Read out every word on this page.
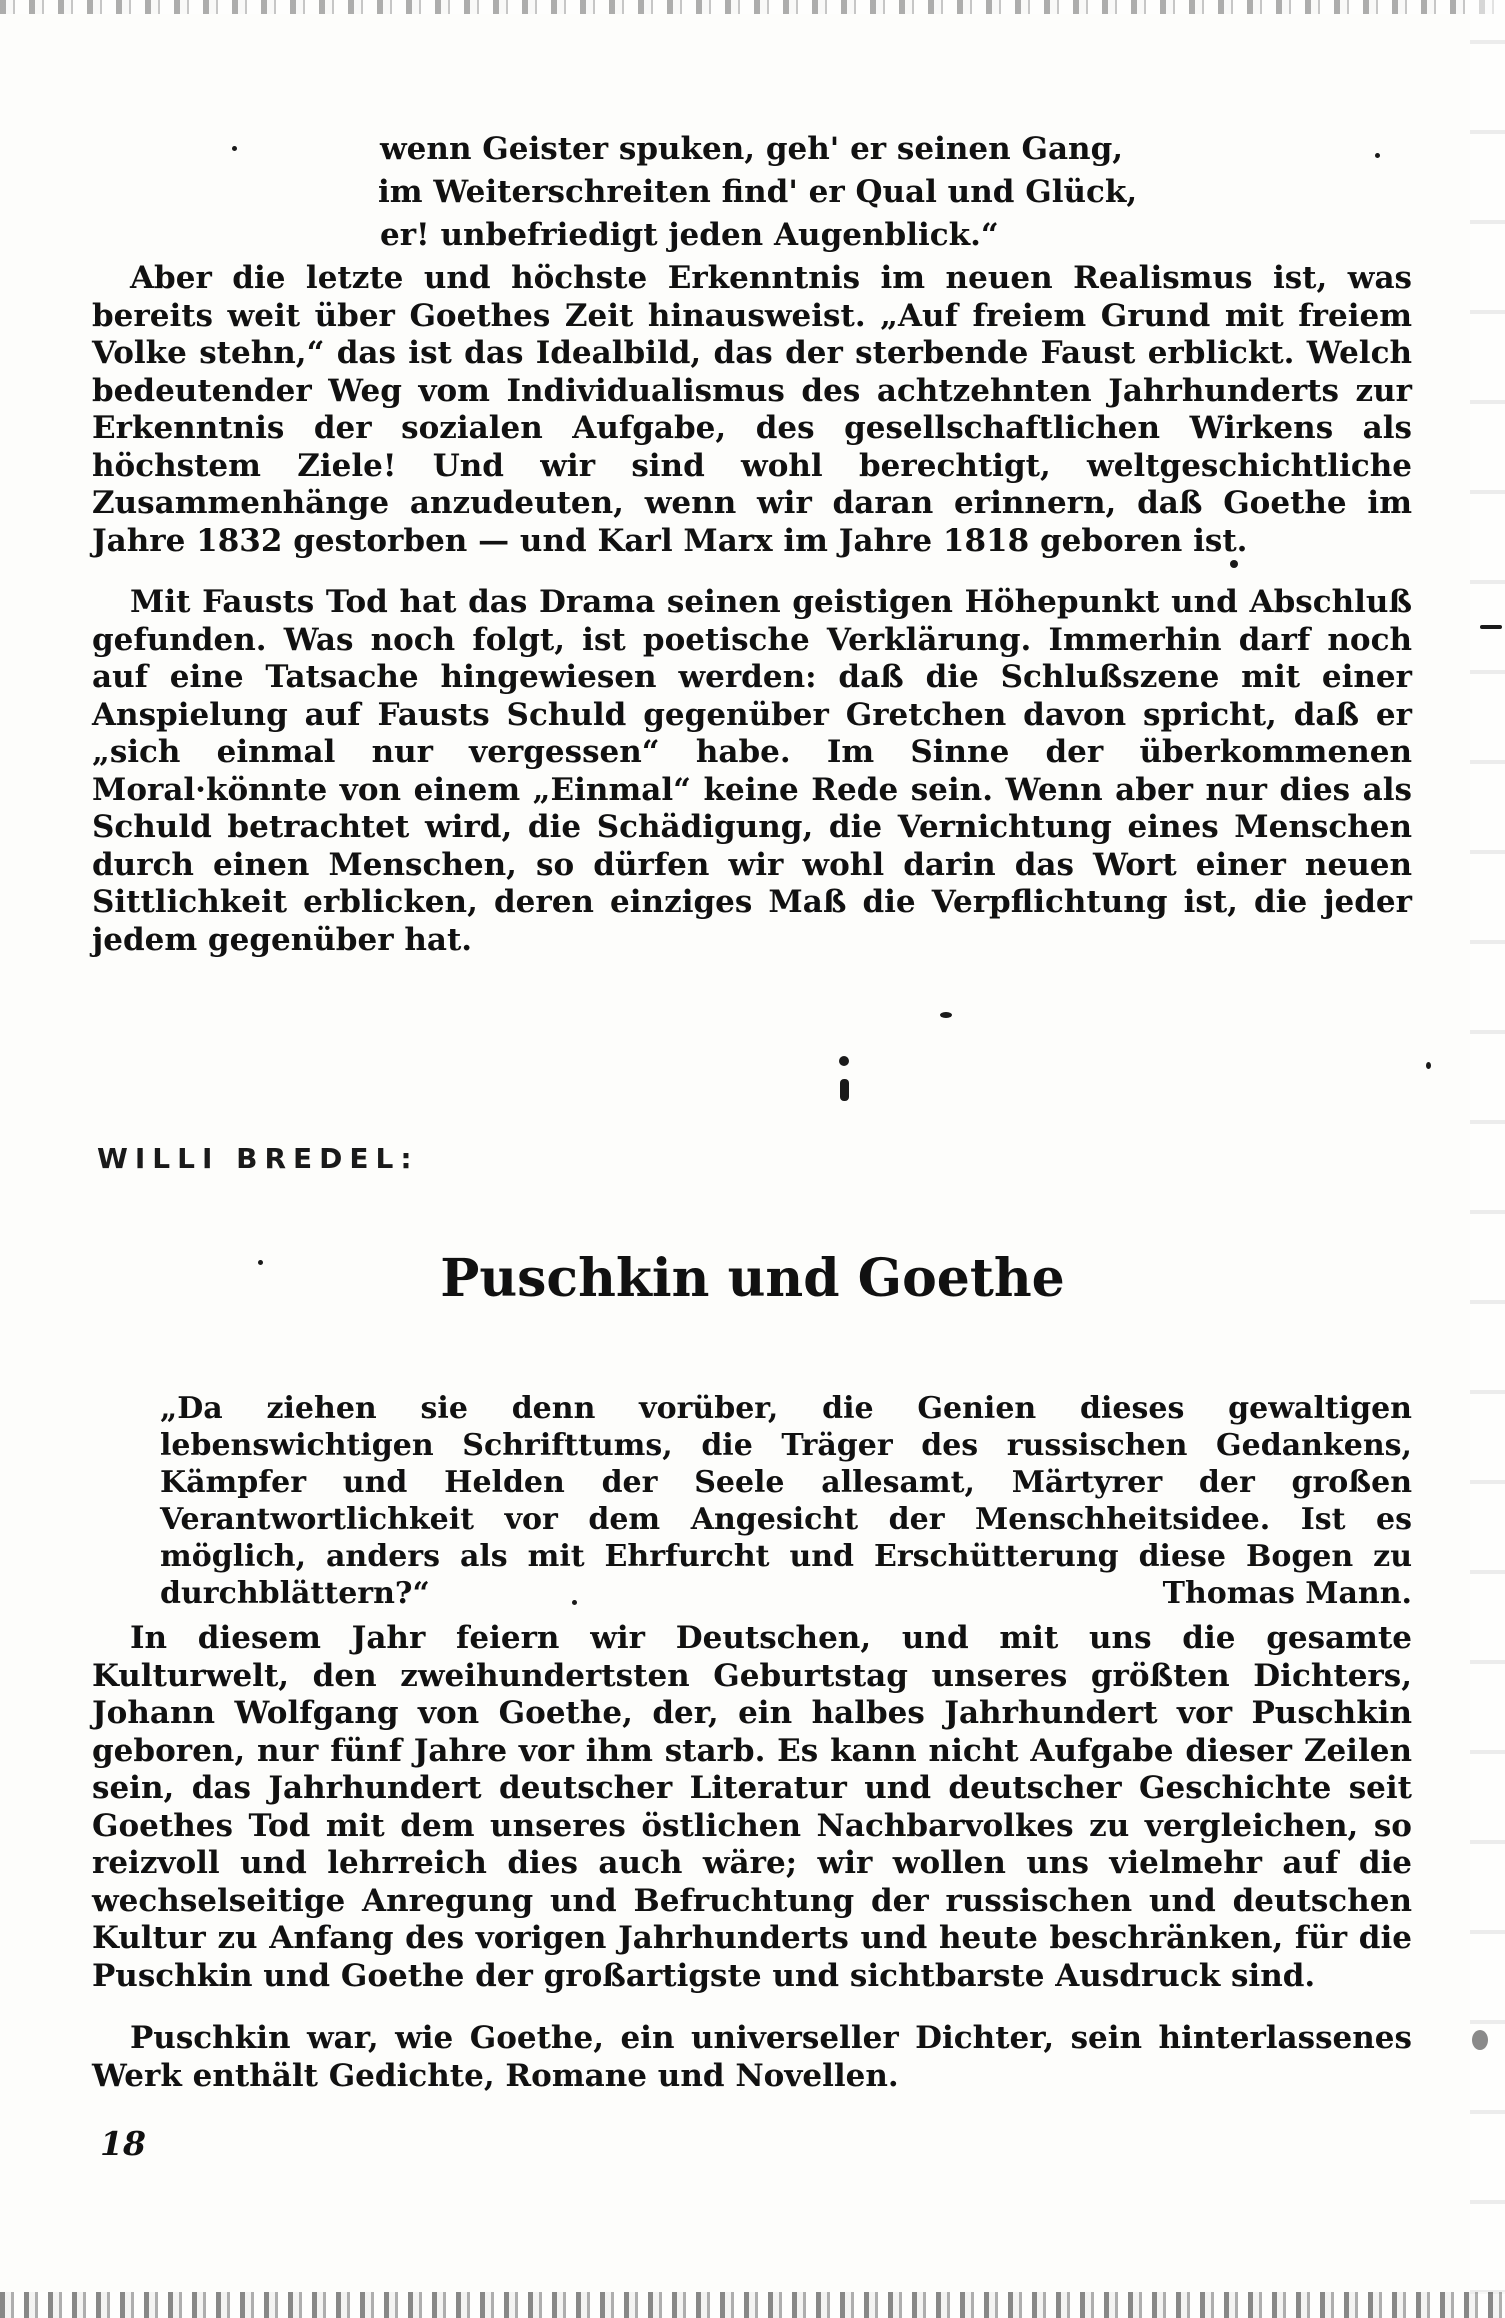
wenn Geister spuken, geh' er seinen Gang,
im Weiterschreiten find' er Qual und Glück,
er! unbefriedigt jeden Augenblick.“

Aber die letzte und höchste Erkenntnis im neuen Realismus ist, was bereits weit über Goethes Zeit hinausweist. „Auf freiem Grund mit freiem Volke stehn,“ das ist das Idealbild, das der sterbende Faust erblickt. Welch bedeutender Weg vom Individualismus des achtzehnten Jahrhunderts zur Erkenntnis der sozialen Aufgabe, des gesellschaftlichen Wirkens als höchstem Ziele! Und wir sind wohl berechtigt, weltgeschichtliche Zusammenhänge anzudeuten, wenn wir daran erinnern, daß Goethe im Jahre 1832 gestorben — und Karl Marx im Jahre 1818 geboren ist.

Mit Fausts Tod hat das Drama seinen geistigen Höhepunkt und Abschluß gefunden. Was noch folgt, ist poetische Verklärung. Immerhin darf noch auf eine Tatsache hingewiesen werden: daß die Schlußszene mit einer Anspielung auf Fausts Schuld gegenüber Gretchen davon spricht, daß er „sich einmal nur vergessen“ habe. Im Sinne der überkommenen Moral·könnte von einem „Einmal“ keine Rede sein. Wenn aber nur dies als Schuld betrachtet wird, die Schädigung, die Vernichtung eines Menschen durch einen Menschen, so dürfen wir wohl darin das Wort einer neuen Sittlichkeit erblicken, deren einziges Maß die Verpflichtung ist, die jeder jedem gegenüber hat.

WILLI BREDEL:
Puschkin und Goethe

„Da ziehen sie denn vorüber, die Genien dieses gewaltigen lebenswichtigen Schrifttums, die Träger des russischen Gedankens, Kämpfer und Helden der Seele allesamt, Märtyrer der großen Verantwortlichkeit vor dem Angesicht der Menschheitsidee. Ist es möglich, anders als mit Ehrfurcht und Erschütterung diese Bogen zu durchblättern?“	Thomas Mann.

In diesem Jahr feiern wir Deutschen, und mit uns die gesamte Kulturwelt, den zweihundertsten Geburtstag unseres größten Dichters, Johann Wolfgang von Goethe, der, ein halbes Jahrhundert vor Puschkin geboren, nur fünf Jahre vor ihm starb. Es kann nicht Aufgabe dieser Zeilen sein, das Jahrhundert deutscher Literatur und deutscher Geschichte seit Goethes Tod mit dem unseres östlichen Nachbarvolkes zu vergleichen, so reizvoll und lehrreich dies auch wäre; wir wollen uns vielmehr auf die wechselseitige Anregung und Befruchtung der russischen und deutschen Kultur zu Anfang des vorigen Jahrhunderts und heute beschränken, für die Puschkin und Goethe der großartigste und sichtbarste Ausdruck sind.

Puschkin war, wie Goethe, ein universeller Dichter, sein hinterlassenes Werk enthält Gedichte, Romane und Novellen.

18
